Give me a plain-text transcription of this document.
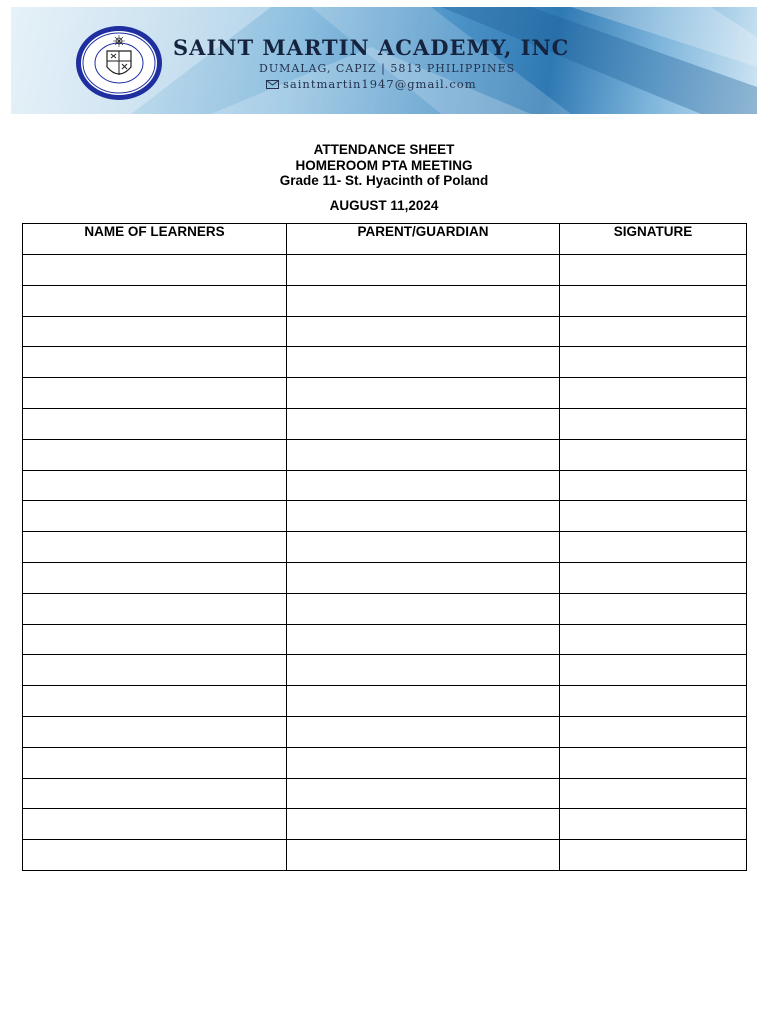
SAINT MARTIN ACADEMY, INC
DUMALAG, CAPIZ | 5813 PHILIPPINES
saintmartin1947@gmail.com
ATTENDANCE SHEET
HOMEROOM PTA MEETING
Grade 11- St. Hyacinth of Poland
AUGUST 11,2024
NAME OF LEARNERS	PARENT/GUARDIAN	SIGNATURE
